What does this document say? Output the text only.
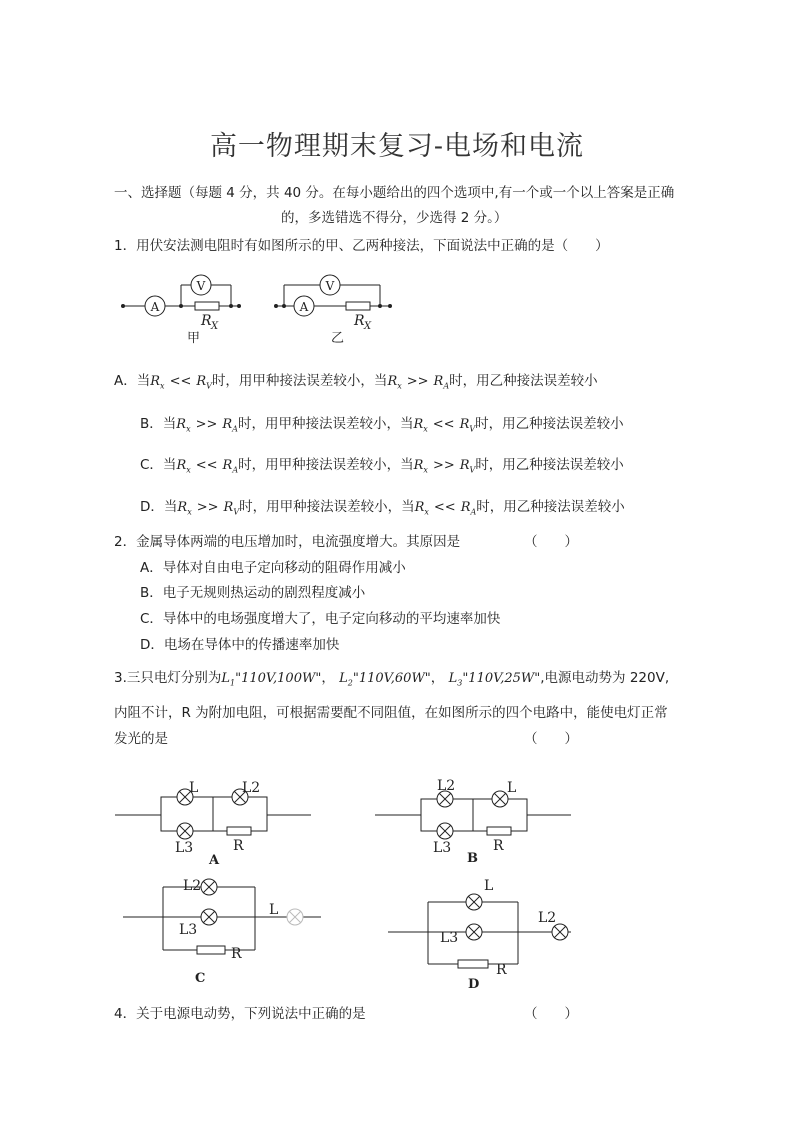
高一物理期末复习-电场和电流
一、选择题（每题 4 分，共 40 分。在每小题给出的四个选项中,有一个或一个以上答案是正确
的，多选错选不得分，少选得 2 分。）
1．用伏安法测电阻时有如图所示的甲、乙两种接法，下面说法中正确的是（　　）
A
V
R X
甲
V
A
R X
乙
A．当$R_x << R_V$时，用甲种接法误差较小，当$R_x >> R_A$时，用乙种接法误差较小
B．当$R_x >> R_A$时，用甲种接法误差较小，当$R_x << R_V$时，用乙种接法误差较小
C．当$R_x << R_A$时，用甲种接法误差较小，当$R_x >> R_V$时，用乙种接法误差较小
D．当$R_x >> R_V$时，用甲种接法误差较小，当$R_x << R_A$时，用乙种接法误差较小
2．金属导体两端的电压增加时，电流强度增大。其原因是	（　　）
A．导体对自由电子定向移动的阻碍作用减小
B．电子无规则热运动的剧烈程度减小
C．导体中的电场强度增大了，电子定向移动的平均速率加快
D．电场在导体中的传播速率加快
3.三只电灯分别为$L_1"110V,100W$"， $L_2"110V,60W$"， $L_3"110V,25W$",电源电动势为 220V,
内阻不计，R 为附加电阻，可根据需要配不同阻值，在如图所示的四个电路中，能使电灯正常
发光的是	（　　）
L	L2
L3	R
A
L2	L
L3	R
B
L2
L3
R
L
C
L
L3
R
L2
D
4．关于电源电动势，下列说法中正确的是	（　　）
